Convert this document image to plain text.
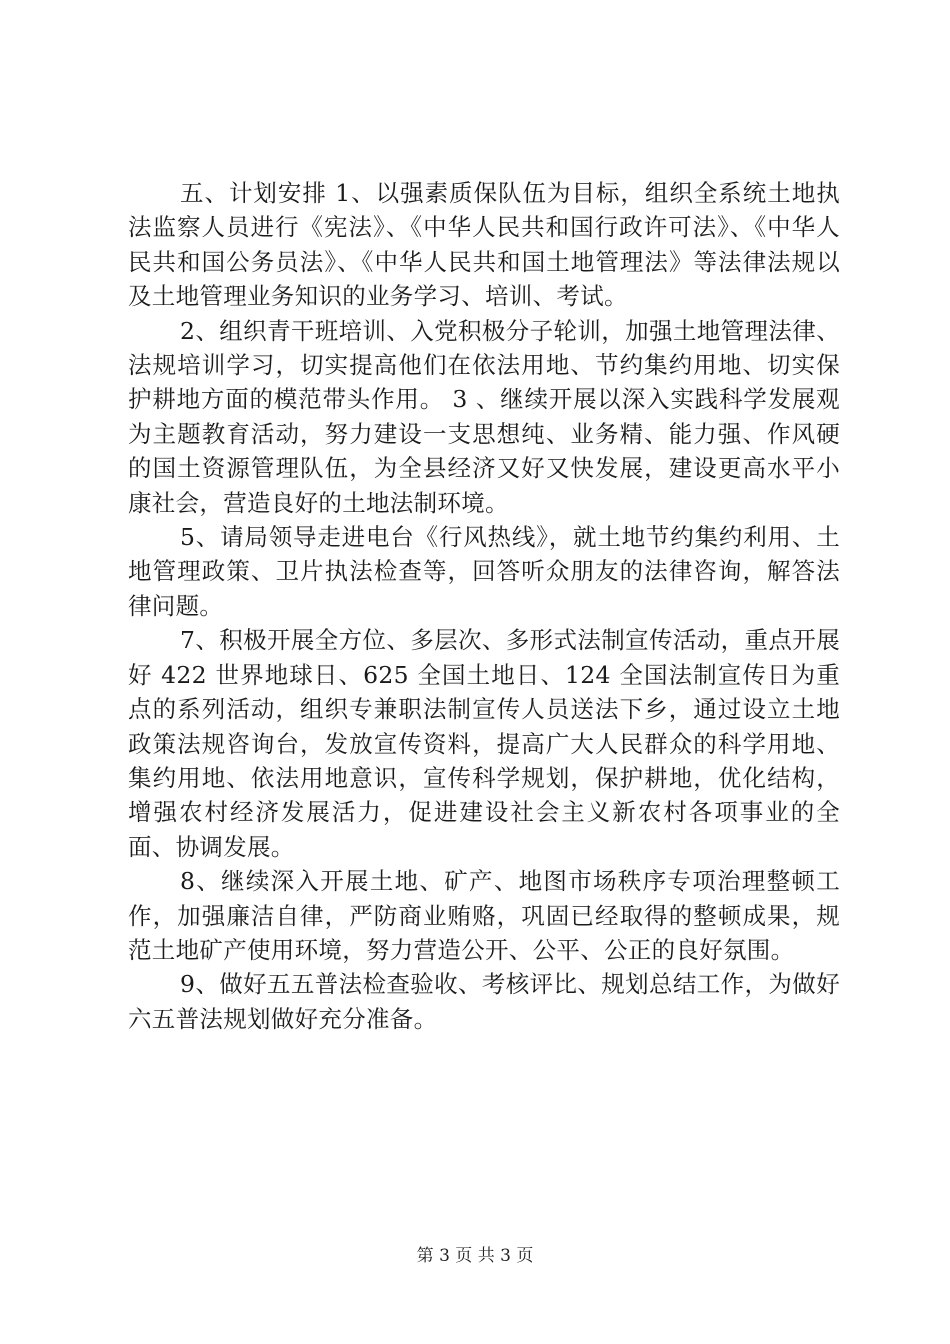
五、计划安排 1、以强素质保队伍为目标，组织全系统土地执法监察人员进行《宪法》、《中华人民共和国行政许可法》、《中华人民共和国公务员法》、《中华人民共和国土地管理法》等法律法规以及土地管理业务知识的业务学习、培训、考试。

2、组织青干班培训、入党积极分子轮训，加强土地管理法律、法规培训学习，切实提高他们在依法用地、节约集约用地、切实保护耕地方面的模范带头作用。 3 、继续开展以深入实践科学发展观为主题教育活动，努力建设一支思想纯、业务精、能力强、作风硬的国土资源管理队伍，为全县经济又好又快发展，建设更高水平小康社会，营造良好的土地法制环境。

5、请局领导走进电台《行风热线》，就土地节约集约利用、土地管理政策、卫片执法检查等，回答听众朋友的法律咨询，解答法律问题。

7、积极开展全方位、多层次、多形式法制宣传活动，重点开展好 422 世界地球日、625 全国土地日、124 全国法制宣传日为重点的系列活动，组织专兼职法制宣传人员送法下乡，通过设立土地政策法规咨询台，发放宣传资料，提高广大人民群众的科学用地、集约用地、依法用地意识，宣传科学规划，保护耕地，优化结构，增强农村经济发展活力，促进建设社会主义新农村各项事业的全面、协调发展。

8、继续深入开展土地、矿产、地图市场秩序专项治理整顿工作，加强廉洁自律，严防商业贿赂，巩固已经取得的整顿成果，规范土地矿产使用环境，努力营造公开、公平、公正的良好氛围。

9、做好五五普法检查验收、考核评比、规划总结工作，为做好六五普法规划做好充分准备。

第 3 页 共 3 页
